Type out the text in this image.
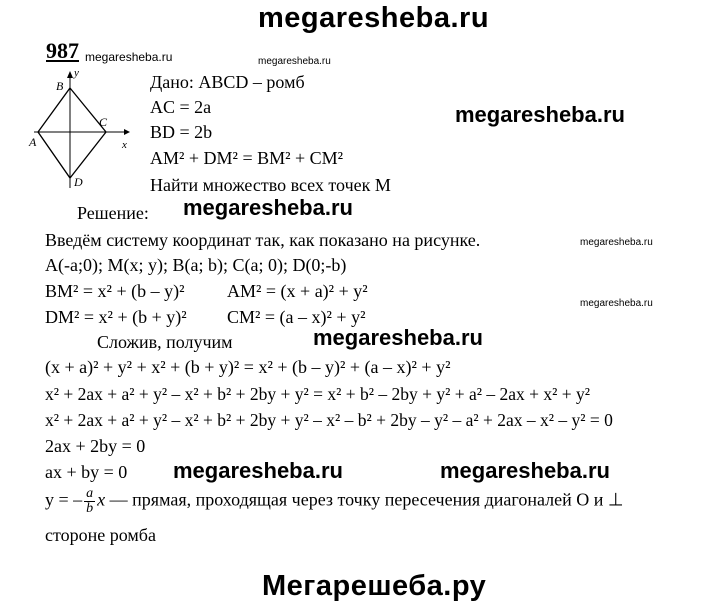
megaresheba.ru
megaresheba.ru	megaresheba.ru
megaresheba.ru
megaresheba.ru
megaresheba.ru
megaresheba.ru
megaresheba.ru
megaresheba.ru	megaresheba.ru
Мегарешеба.ру
987
y
B
C
A	x
D
Дано: ABCD – ромб
AC = 2a
BD = 2b
AM² + DM² = BM² + CM²
Найти множество всех точек M
Решение:
Введём систему координат так, как показано на рисунке.
A(-a;0); M(x; y); B(a; b); C(a; 0); D(0;-b)
BM² = x² + (b – y)² AM² = (x + a)² + y²
DM² = x² + (b + y)² CM² = (a – x)² + y²
Сложив, получим
(x + a)² + y² + x² + (b + y)² = x² + (b – y)² + (a – x)² + y²
x² + 2ax + a² + y² – x² + b² + 2by + y² = x² + b² – 2by + y² + a² – 2ax + x² + y²
x² + 2ax + a² + y² – x² + b² + 2by + y² – x² – b² + 2by – y² – a² + 2ax – x² – y² = 0
2ax + 2by = 0
ax + by = 0
y = – $\frac{a}{b}$ x — прямая, проходящая через точку пересечения диагоналей O и ⊥
стороне ромба
